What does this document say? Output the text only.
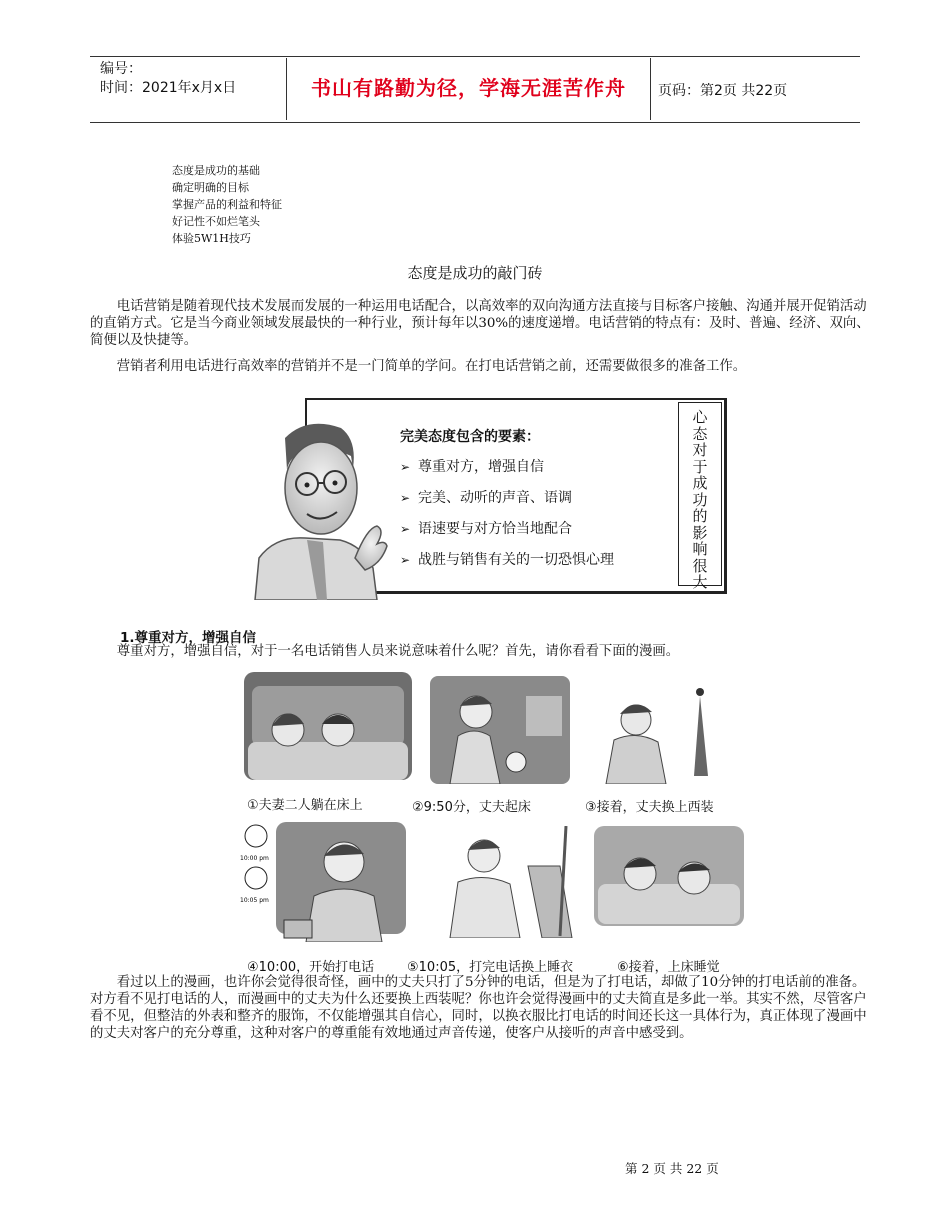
编号：
时间：2021年x月x日	书山有路勤为径，学海无涯苦作舟	页码：第2页 共22页
态度是成功的基础
确定明确的目标
掌握产品的利益和特征
好记性不如烂笔头
体验5W1H技巧
态度是成功的敲门砖
电话营销是随着现代技术发展而发展的一种运用电话配合，以高效率的双向沟通方法直接与目标客户接触、沟通并展开促销活动的直销方式。它是当今商业领域发展最快的一种行业，预计每年以30%的速度递增。电话营销的特点有：及时、普遍、经济、双向、简便以及快捷等。
营销者利用电话进行高效率的营销并不是一门简单的学问。在打电话营销之前，还需要做很多的准备工作。
完美态度包含的要素：
➢ 尊重对方，增强自信
➢ 完美、动听的声音、语调
➢ 语速要与对方恰当地配合
➢ 战胜与销售有关的一切恐惧心理
心
态
对
于
成
功
的
影
响
很
大
1.尊重对方，增强自信
尊重对方，增强自信，对于一名电话销售人员来说意味着什么呢？首先，请你看看下面的漫画。
①夫妻二人躺在床上	②9:50分，丈夫起床	③接着，丈夫换上西装
10:00 pm
10:05 pm
④10:00，开始打电话	⑤10:05，打完电话换上睡衣	⑥接着，上床睡觉
看过以上的漫画，也许你会觉得很奇怪，画中的丈夫只打了5分钟的电话，但是为了打电话，却做了10分钟的打电话前的准备。对方看不见打电话的人，而漫画中的丈夫为什么还要换上西装呢？你也许会觉得漫画中的丈夫简直是多此一举。其实不然，尽管客户看不见，但整洁的外表和整齐的服饰，不仅能增强其自信心，同时，以换衣服比打电话的时间还长这一具体行为，真正体现了漫画中的丈夫对客户的充分尊重，这种对客户的尊重能有效地通过声音传递，使客户从接听的声音中感受到。
第 2 页 共 22 页
